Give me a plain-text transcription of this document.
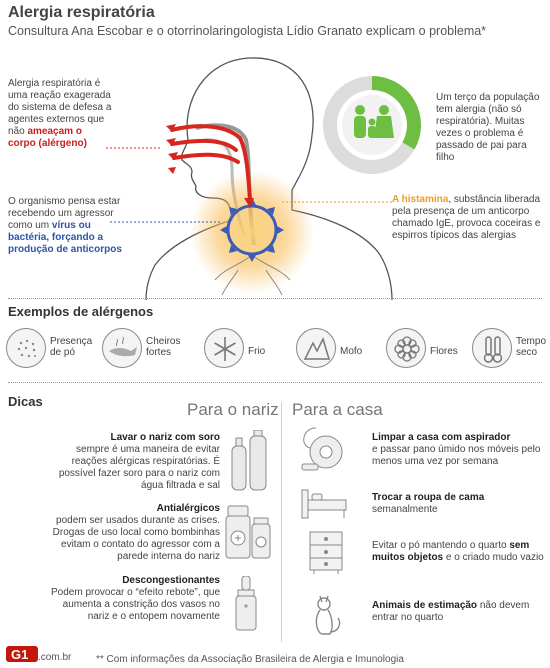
Alergia respiratória
Consultura Ana Escobar e o otorrinolaringologista Lídio Granato explicam o problema*
Alergia respiratória é uma reação exagerada do sistema de defesa a agentes externos que não ameaçam o corpo (alérgeno)
O organismo pensa estar recebendo um agressor como um vírus ou bactéria, forçando a produção de anticorpos
Um terço da população tem alergia (não só respiratória). Muitas vezes o problema é passado de pai para filho
A histamina, substância liberada pela presença de um anticorpo chamado IgE, provoca coceiras e espirros típicos das alergias
Exemplos de alérgenos
Presença de pó
Cheiros fortes	Frio	Mofo	Flores
Tempo seco
Dicas	Para o nariz Para a casa
Lavar o nariz com soro
sempre é uma maneira de evitar reações alérgicas respiratórias. É possível fazer soro para o nariz com água filtrada e sal
Antialérgicos
podem ser usados durante as crises. Drogas de uso local como bombinhas evitam o contato do agressor com a parede interna do nariz
Descongestionantes
Podem provocar o “efeito rebote”, que aumenta a constrição dos vasos no nariz e o entopem novamente
Limpar a casa com aspirador
e passar pano úmido nos móveis pelo menos uma vez por semana
Trocar a roupa de cama
semanalmente
Evitar o pó mantendo o quarto sem muitos objetos e o criado mudo vazio
Animais de estimação não devem entrar no quarto
G1 .com.br ** Com informações da Associação Brasileira de Alergia e Imunologia
